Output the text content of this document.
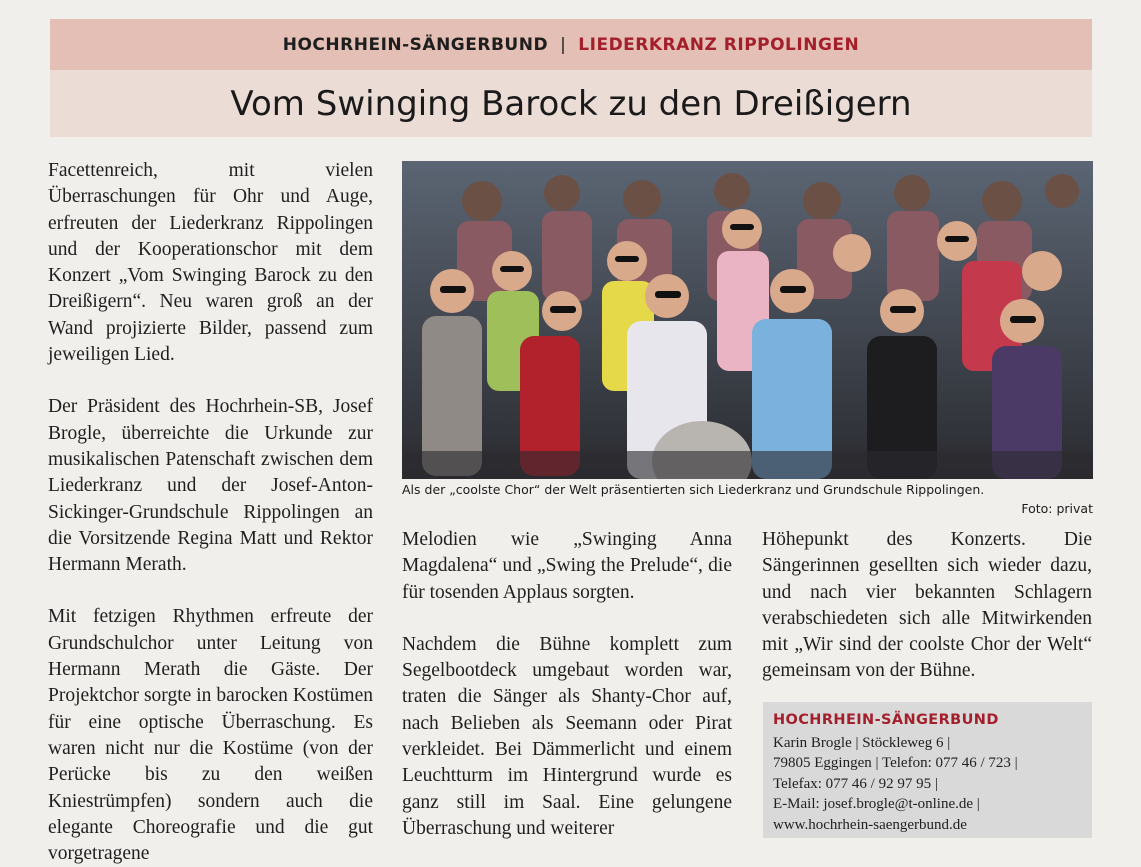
HOCHRHEIN-SÄNGERBUND | LIEDERKRANZ RIPPOLINGEN
Vom Swinging Barock zu den Dreißigern

Facettenreich, mit vielen Überraschungen für Ohr und Auge, erfreuten der Liederkranz Rippolingen und der Kooperationschor mit dem Konzert „Vom Swinging Barock zu den Dreißigern“. Neu waren groß an der Wand projizierte Bilder, passend zum jeweiligen Lied.

Der Präsident des Hochrhein-SB, Josef Brogle, überreichte die Urkunde zur musikalischen Patenschaft zwischen dem Liederkranz und der Josef-Anton-Sickinger-Grundschule Rippolingen an die Vorsitzende Regina Matt und Rektor Hermann Merath.

Mit fetzigen Rhythmen erfreute der Grundschulchor unter Leitung von Hermann Merath die Gäste. Der Projektchor sorgte in barocken Kostümen für eine optische Überraschung. Es waren nicht nur die Kostüme (von der Perücke bis zu den weißen Kniestrümpfen) sondern auch die elegante Choreografie und die gut vorgetragene

Als der „coolste Chor“ der Welt präsentierten sich Liederkranz und Grundschule Rippolingen.
Foto: privat

Melodien wie „Swinging Anna Magdalena“ und „Swing the Prelude“, die für tosenden Applaus sorgten.

Nachdem die Bühne komplett zum Segelbootdeck umgebaut worden war, traten die Sänger als Shanty-Chor auf, nach Belieben als Seemann oder Pirat verkleidet. Bei Dämmerlicht und einem Leuchtturm im Hintergrund wurde es ganz still im Saal. Eine gelungene Überraschung und weiterer

Höhepunkt des Konzerts. Die Sängerinnen gesellten sich wieder dazu, und nach vier bekannten Schlagern verabschiedeten sich alle Mitwirkenden mit „Wir sind der coolste Chor der Welt“ gemeinsam von der Bühne.

HOCHRHEIN-SÄNGERBUND
Karin Brogle | Stöckleweg 6 |
79805 Eggingen | Telefon: 077 46 / 723 |
Telefax: 077 46 / 92 97 95 |
E-Mail: josef.brogle@t-online.de |
www.hochrhein-saengerbund.de
